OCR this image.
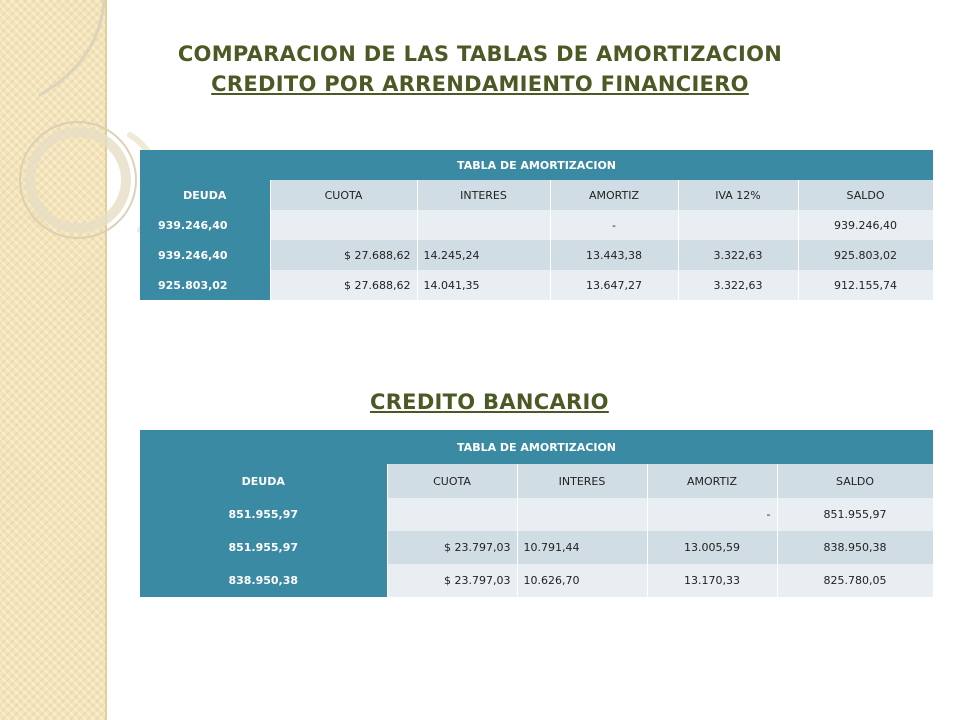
COMPARACION DE LAS TABLAS DE AMORTIZACION
CREDITO POR ARRENDAMIENTO FINANCIERO
TABLA DE AMORTIZACION					
DEUDA	CUOTA	INTERES	AMORTIZ	IVA 12%	SALDO
939.246,40			-		939.246,40
939.246,40	$ 27.688,62	14.245,24	13.443,38	3.322,63	925.803,02
925.803,02	$ 27.688,62	14.041,35	13.647,27	3.322,63	912.155,74
CREDITO BANCARIO
TABLA DE AMORTIZACION				
DEUDA	CUOTA	INTERES	AMORTIZ	SALDO
851.955,97			-	851.955,97
851.955,97	$ 23.797,03	10.791,44	13.005,59	838.950,38
838.950,38	$ 23.797,03	10.626,70	13.170,33	825.780,05
